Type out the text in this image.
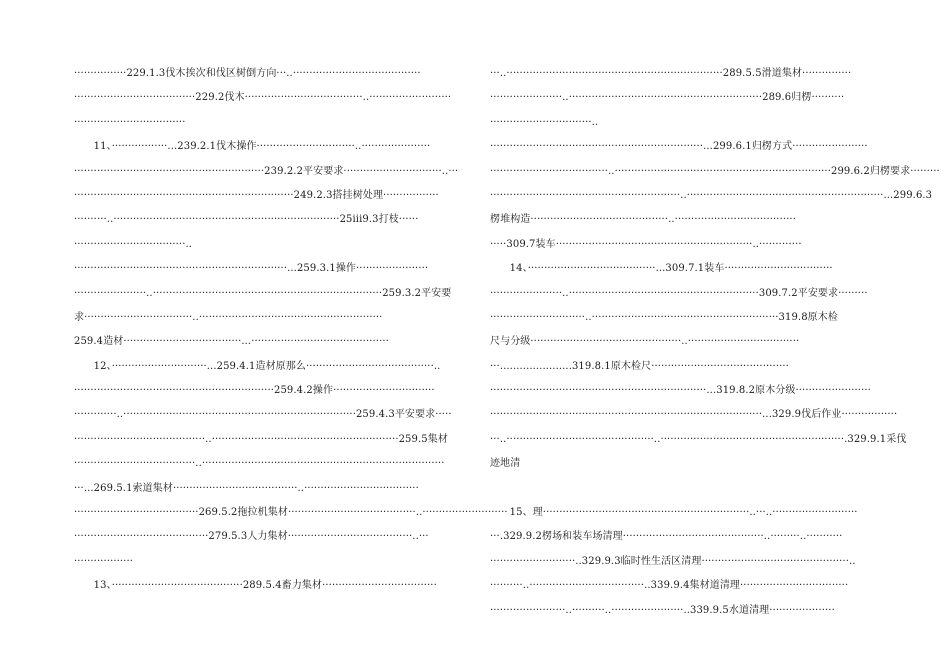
················229.1.3伐木挨次和伐区树倒方向···..·······································
·····································229.2伐木····································..·························
··································
11、·················...239.2.1伐木操作······························..·····················
··························································239.2.2平安要求······························..···
···································································249.2.3搭挂树处理·················
··········..·····································································25iii9.3打枝······
··································..
·································································...259.3.1操作······················
······················..······································································259.3.2平安要
求·································..························································
259.4造材····································...··········································
12、·····························...259.4.1造材原那么·······································..
·····························································259.4.2操作·······························
·············..·······································································259.4.3平安要求·····
········································..·························································259.5集材
·····································..··········································································
···...269.5.1索道集材······································..···································
······································269.5.2拖拉机集材·······································..··························
·········································279.5.3人力集材······································..···
··················
13、········································289.5.4畜力集材···································
···..··································································289.5.5滑道集材···············
······················..···························································289.6归楞··········
·······························..
·································································...299.6.1归楞方式·······················
····································..··································································299.6.2归楞要求·········
··························································..····························································...299.6.3
楞堆构造··········································..·····································
·····309.7装车····························································..·············
14、·······································...309.7.1装车·································
······················..··························································309.7.2平安要求·········
·····························..·························································319.8原木检
尺与分级··············································..··································
···......................319.8.1原木检尺··········································
··································································...319.8.2原木分级·······················
···················································································...329.9伐后作业·················
···..·············································..························································.329.9.1采伐
迹地清
15、理·······························································..···..··························
···.329.9.2楞场和装车场清理···········································..·········..···········
··························..329.9.3临时性生活区清理·············································..
··········..···································..339.9.4集材道清理·································
·······················..··········..······················..339.9.5水道清理····················
